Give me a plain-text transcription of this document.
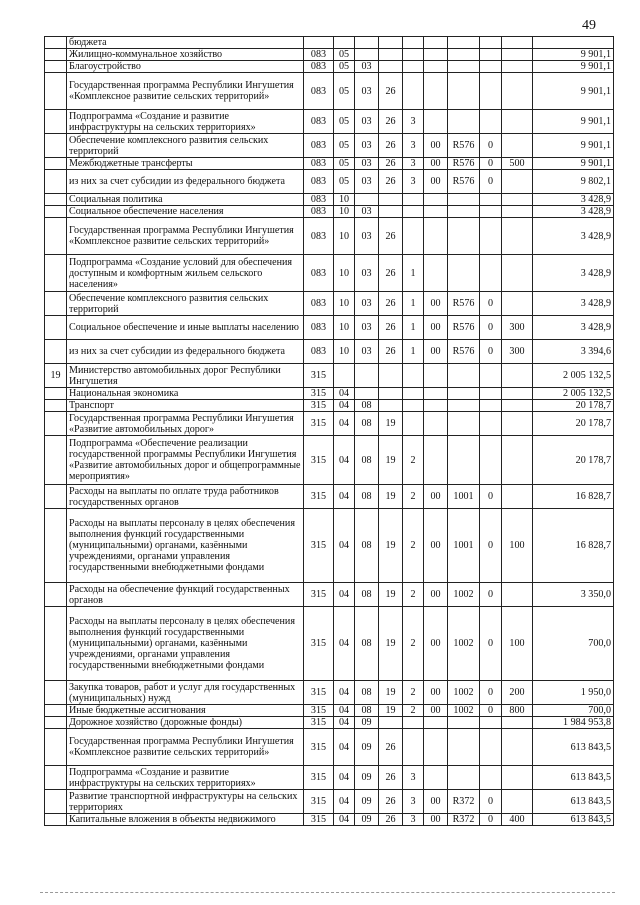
49
	бюджета										
	Жилищно-коммунальное хозяйство	083	05								9 901,1
	Благоустройство	083	05	03							9 901,1
	Государственная программа Республики Ингушетия «Комплексное развитие сельских территорий»	083	05	03	26						9 901,1
	Подпрограмма «Создание и развитие инфраструктуры на сельских территориях»	083	05	03	26	3					9 901,1
	Обеспечение комплексного развития сельских территорий	083	05	03	26	3	00	R576	0		9 901,1
	Межбюджетные трансферты	083	05	03	26	3	00	R576	0	500	9 901,1
	из них за счет субсидии из федерального бюджета	083	05	03	26	3	00	R576	0		9 802,1
	Социальная политика	083	10								3 428,9
	Социальное обеспечение населения	083	10	03							3 428,9
	Государственная программа Республики Ингушетия «Комплексное развитие сельских территорий»	083	10	03	26						3 428,9
	Подпрограмма «Создание условий для обеспечения доступным и комфортным жильем сельского населения»	083	10	03	26	1					3 428,9
	Обеспечение комплексного развития сельских территорий	083	10	03	26	1	00	R576	0		3 428,9
	Социальное обеспечение и иные выплаты населению	083	10	03	26	1	00	R576	0	300	3 428,9
	из них за счет субсидии из федерального бюджета	083	10	03	26	1	00	R576	0	300	3 394,6
19	Министерство автомобильных дорог Республики Ингушетия	315									2 005 132,5
	Национальная экономика	315	04								2 005 132,5
	Транспорт	315	04	08							20 178,7
	Государственная программа Республики Ингушетия «Развитие автомобильных дорог»	315	04	08	19						20 178,7
	Подпрограмма «Обеспечение реализации государственной программы Республики Ингушетия «Развитие автомобильных дорог и общепрограммные мероприятия»	315	04	08	19	2					20 178,7
	Расходы на выплаты по оплате труда работников государственных органов	315	04	08	19	2	00	1001	0		16 828,7
	Расходы на выплаты персоналу в целях обеспечения выполнения функций государственными (муниципальными) органами, казёнными учреждениями, органами управления государственными внебюджетными фондами	315	04	08	19	2	00	1001	0	100	16 828,7
	Расходы на обеспечение функций государственных органов	315	04	08	19	2	00	1002	0		3 350,0
	Расходы на выплаты персоналу в целях обеспечения выполнения функций государственными (муниципальными) органами, казёнными учреждениями, органами управления государственными внебюджетными фондами	315	04	08	19	2	00	1002	0	100	700,0
	Закупка товаров, работ и услуг для государственных (муниципальных) нужд	315	04	08	19	2	00	1002	0	200	1 950,0
	Иные бюджетные ассигнования	315	04	08	19	2	00	1002	0	800	700,0
	Дорожное хозяйство (дорожные фонды)	315	04	09							1 984 953,8
	Государственная программа Республики Ингушетия «Комплексное развитие сельских территорий»	315	04	09	26						613 843,5
	Подпрограмма «Создание и развитие инфраструктуры на сельских территориях»	315	04	09	26	3					613 843,5
	Развитие транспортной инфраструктуры на сельских территориях	315	04	09	26	3	00	R372	0		613 843,5
	Капитальные вложения в объекты недвижимого	315	04	09	26	3	00	R372	0	400	613 843,5
